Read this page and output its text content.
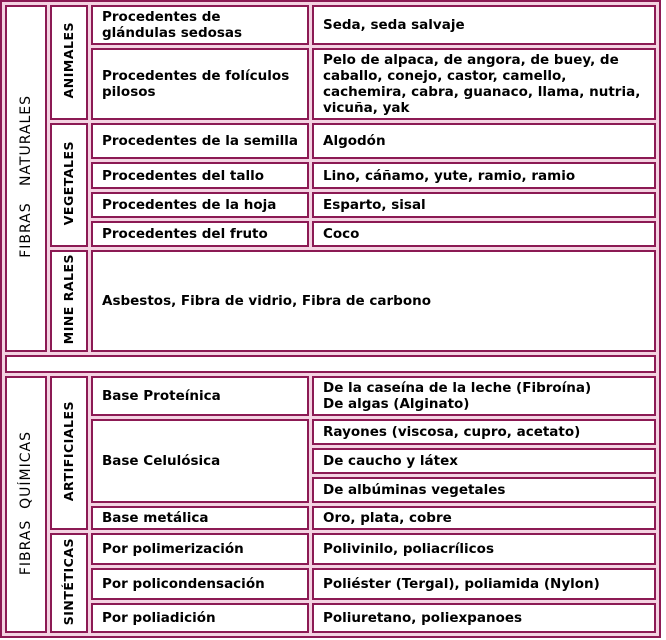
FIBRAS   NATURALES	ANIMALES	Procedentes de glándulas sedosas	Seda, seda salvaje
		Procedentes de folículos pilosos	Pelo de alpaca, de angora, de buey, de caballo, conejo, castor, camello, cachemira, cabra, guanaco, llama, nutria, vicuña, yak
	VEGETALES	Procedentes de la semilla	Algodón
		Procedentes del tallo	Lino, cáñamo, yute, ramio, ramio
		Procedentes de la hoja	Esparto, sisal
		Procedentes del fruto	Coco
	MINE RALES	Asbestos, Fibra de vidrio, Fibra de carbono	

FIBRAS  QUÍMICAS	ARTIFICIALES	Base Proteínica	De la caseína de la leche (Fibroína)
De algas (Alginato)

		Base Celulósica	Rayones (viscosa, cupro, acetato)
			De caucho y látex
			De albúminas vegetales
		Base metálica	Oro, plata, cobre
	SINTÉTICAS	Por polimerización	Polivinilo, poliacrílicos
		Por policondensación	Poliéster (Tergal), poliamida (Nylon)
		Por poliadición	Poliuretano, poliexpanoes
